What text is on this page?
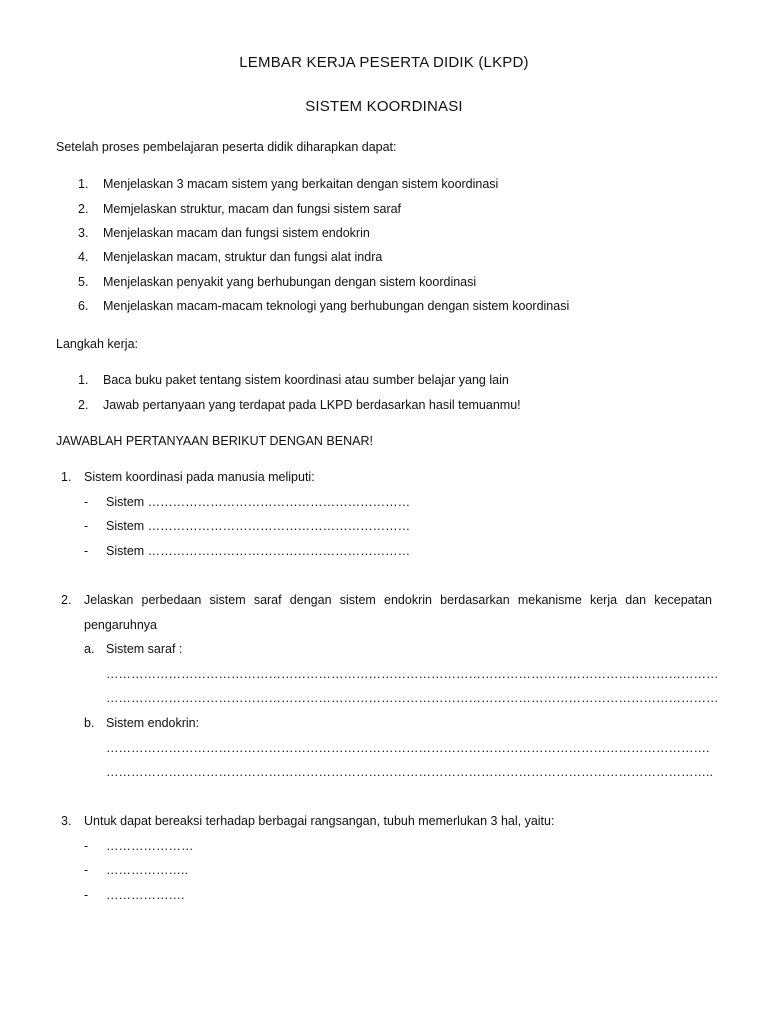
LEMBAR KERJA PESERTA DIDIK (LKPD)
SISTEM KOORDINASI
Setelah proses pembelajaran peserta didik diharapkan dapat:
1. Menjelaskan 3 macam sistem yang berkaitan dengan sistem koordinasi
2. Memjelaskan struktur, macam dan fungsi sistem saraf
3. Menjelaskan macam dan fungsi sistem endokrin
4. Menjelaskan macam, struktur dan fungsi alat indra
5. Menjelaskan penyakit yang berhubungan dengan sistem koordinasi
6. Menjelaskan macam-macam teknologi yang berhubungan dengan sistem koordinasi
Langkah kerja:
1. Baca buku paket tentang sistem koordinasi atau sumber belajar yang lain
2. Jawab pertanyaan yang terdapat pada LKPD berdasarkan hasil temuanmu!
JAWABLAH PERTANYAAN BERIKUT DENGAN BENAR!
1. Sistem koordinasi pada manusia meliputi:
- Sistem ………………………………………………………
- Sistem ………………………………………………………
- Sistem ………………………………………………………
2. Jelaskan perbedaan sistem saraf dengan sistem endokrin berdasarkan mekanisme kerja dan kecepatan
pengaruhnya
a. Sistem saraf :
…………………………………………………………………………………………………………………………………
…………………………………………………………………………………………………………………………………
b. Sistem endokrin:
……………………………………………………………………………………………………………………………….
………………………………………………………………………………………………………………………………..
3. Untuk dapat bereaksi terhadap berbagai rangsangan, tubuh memerlukan 3 hal, yaitu:
- …………………
- ………………..
- ……………….
